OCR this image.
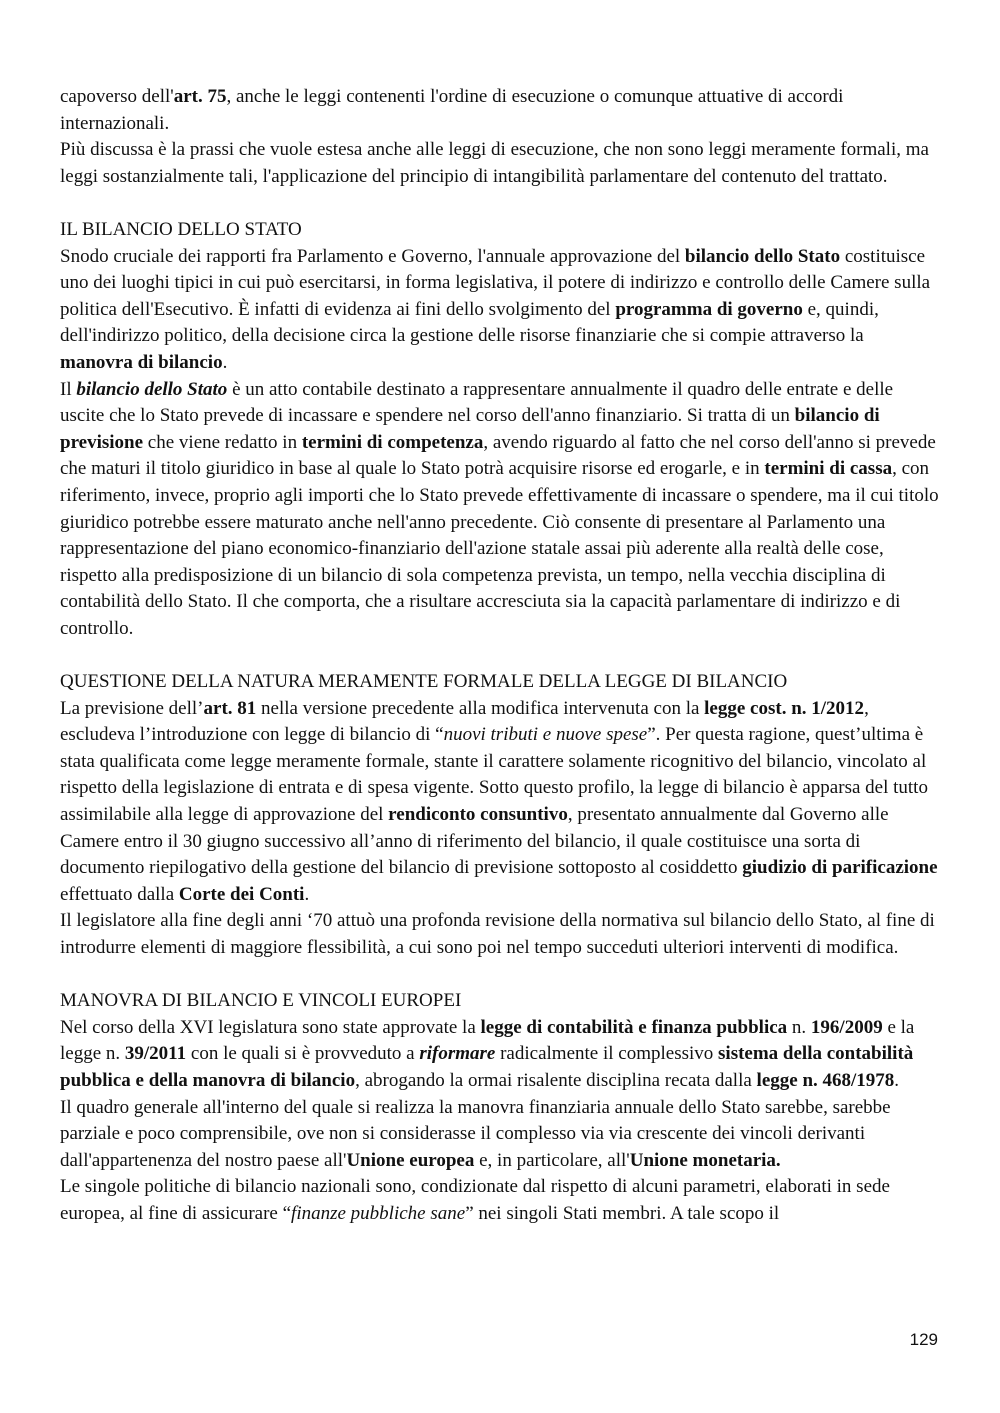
capoverso dell'art. 75, anche le leggi contenenti l'ordine di esecuzione o comunque attuative di accordi internazionali.

Più discussa è la prassi che vuole estesa anche alle leggi di esecuzione, che non sono leggi meramente formali, ma leggi sostanzialmente tali, l'applicazione del principio di intangibilità parlamentare del contenuto del trattato.

IL BILANCIO DELLO STATO

Snodo cruciale dei rapporti fra Parlamento e Governo, l'annuale approvazione del bilancio dello Stato costituisce uno dei luoghi tipici in cui può esercitarsi, in forma legislativa, il potere di indirizzo e controllo delle Camere sulla politica dell'Esecutivo. È infatti di evidenza ai fini dello svolgimento del programma di governo e, quindi, dell'indirizzo politico, della decisione circa la gestione delle risorse finanziarie che si compie attraverso la manovra di bilancio.

Il bilancio dello Stato è un atto contabile destinato a rappresentare annualmente il quadro delle entrate e delle uscite che lo Stato prevede di incassare e spendere nel corso dell'anno finanziario. Si tratta di un bilancio di previsione che viene redatto in termini di competenza, avendo riguardo al fatto che nel corso dell'anno si prevede che maturi il titolo giuridico in base al quale lo Stato potrà acquisire risorse ed erogarle, e in termini di cassa, con riferimento, invece, proprio agli importi che lo Stato prevede effettivamente di incassare o spendere, ma il cui titolo giuridico potrebbe essere maturato anche nell'anno precedente. Ciò consente di presentare al Parlamento una rappresentazione del piano economico-finanziario dell'azione statale assai più aderente alla realtà delle cose, rispetto alla predisposizione di un bilancio di sola competenza prevista, un tempo, nella vecchia disciplina di contabilità dello Stato. Il che comporta, che a risultare accresciuta sia la capacità parlamentare di indirizzo e di controllo.

QUESTIONE DELLA NATURA MERAMENTE FORMALE DELLA LEGGE DI BILANCIO

La previsione dell’art. 81 nella versione precedente alla modifica intervenuta con la legge cost. n. 1/2012, escludeva l’introduzione con legge di bilancio di “nuovi tributi e nuove spese”. Per questa ragione, quest’ultima è stata qualificata come legge meramente formale, stante il carattere solamente ricognitivo del bilancio, vincolato al rispetto della legislazione di entrata e di spesa vigente. Sotto questo profilo, la legge di bilancio è apparsa del tutto assimilabile alla legge di approvazione del rendiconto consuntivo, presentato annualmente dal Governo alle Camere entro il 30 giugno successivo all’anno di riferimento del bilancio, il quale costituisce una sorta di documento riepilogativo della gestione del bilancio di previsione sottoposto al cosiddetto giudizio di parificazione effettuato dalla Corte dei Conti.

Il legislatore alla fine degli anni ‘70 attuò una profonda revisione della normativa sul bilancio dello Stato, al fine di introdurre elementi di maggiore flessibilità, a cui sono poi nel tempo succeduti ulteriori interventi di modifica.

MANOVRA DI BILANCIO E VINCOLI EUROPEI

Nel corso della XVI legislatura sono state approvate la legge di contabilità e finanza pubblica n. 196/2009 e la legge n. 39/2011 con le quali si è provveduto a riformare radicalmente il complessivo sistema della contabilità pubblica e della manovra di bilancio, abrogando la ormai risalente disciplina recata dalla legge n. 468/1978.

Il quadro generale all'interno del quale si realizza la manovra finanziaria annuale dello Stato sarebbe, sarebbe parziale e poco comprensibile, ove non si considerasse il complesso via via crescente dei vincoli derivanti dall'appartenenza del nostro paese all'Unione europea e, in particolare, all'Unione monetaria.

Le singole politiche di bilancio nazionali sono, condizionate dal rispetto di alcuni parametri, elaborati in sede europea, al fine di assicurare “finanze pubbliche sane” nei singoli Stati membri. A tale scopo il

129
